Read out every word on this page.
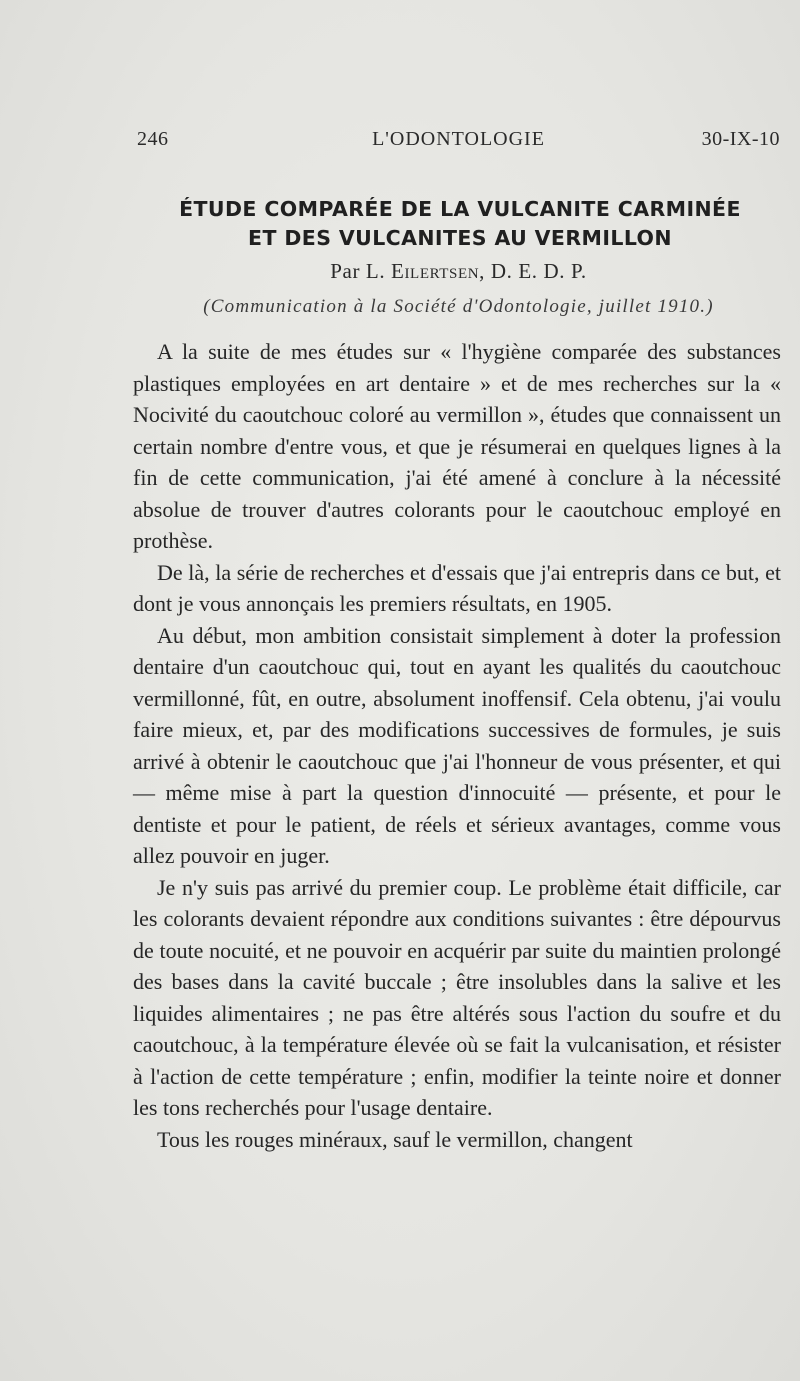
246	L'ODONTOLOGIE	30-IX-10
ÉTUDE COMPARÉE DE LA VULCANITE CARMINÉE
ET DES VULCANITES AU VERMILLON
Par L. Eilertsen, D. E. D. P.
(Communication à la Société d'Odontologie, juillet 1910.)

A la suite de mes études sur « l'hygiène comparée des substances plastiques employées en art dentaire » et de mes recherches sur la « Nocivité du caoutchouc coloré au vermillon », études que connaissent un certain nombre d'entre vous, et que je résumerai en quelques lignes à la fin de cette communication, j'ai été amené à conclure à la nécessité absolue de trouver d'autres colorants pour le caoutchouc employé en prothèse.

De là, la série de recherches et d'essais que j'ai entrepris dans ce but, et dont je vous annonçais les premiers résultats, en 1905.

Au début, mon ambition consistait simplement à doter la profession dentaire d'un caoutchouc qui, tout en ayant les qualités du caoutchouc vermillonné, fût, en outre, absolument inoffensif. Cela obtenu, j'ai voulu faire mieux, et, par des modifications successives de formules, je suis arrivé à obtenir le caoutchouc que j'ai l'honneur de vous présenter, et qui — même mise à part la question d'innocuité — présente, et pour le dentiste et pour le patient, de réels et sérieux avantages, comme vous allez pouvoir en juger.

Je n'y suis pas arrivé du premier coup. Le problème était difficile, car les colorants devaient répondre aux conditions suivantes : être dépourvus de toute nocuité, et ne pouvoir en acquérir par suite du maintien prolongé des bases dans la cavité buccale ; être insolubles dans la salive et les liquides alimentaires ; ne pas être altérés sous l'action du soufre et du caoutchouc, à la température élevée où se fait la vulcanisation, et résister à l'action de cette température ; enfin, modifier la teinte noire et donner les tons recherchés pour l'usage dentaire.

Tous les rouges minéraux, sauf le vermillon, changent
